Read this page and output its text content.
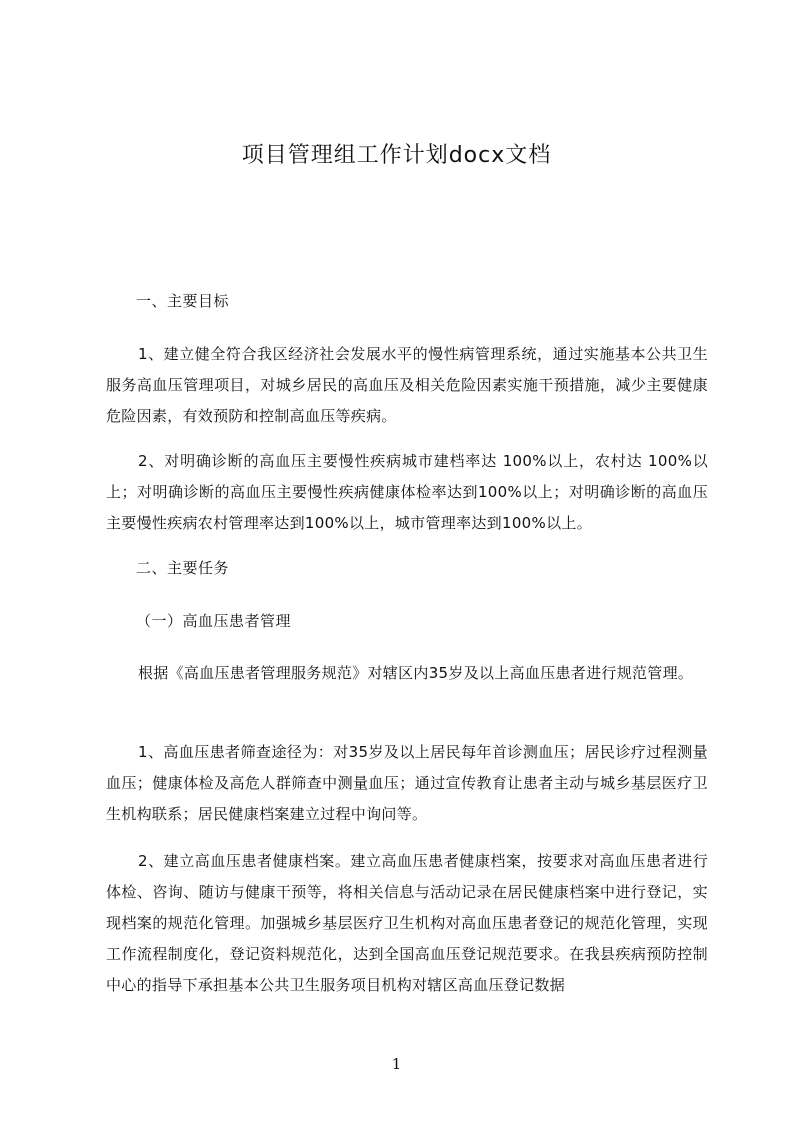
项目管理组工作计划docx文档
一、主要目标
1、建立健全符合我区经济社会发展水平的慢性病管理系统，通过实施基本公共卫生服务高血压管理项目，对城乡居民的高血压及相关危险因素实施干预措施，减少主要健康危险因素，有效预防和控制高血压等疾病。
2、对明确诊断的高血压主要慢性疾病城市建档率达 100%以上，农村达 100%以上；对明确诊断的高血压主要慢性疾病健康体检率达到100%以上；对明确诊断的高血压主要慢性疾病农村管理率达到100%以上，城市管理率达到100%以上。
二、主要任务
（一）高血压患者管理
根据《高血压患者管理服务规范》对辖区内35岁及以上高血压患者进行规范管理。
1、高血压患者筛查途径为：对35岁及以上居民每年首诊测血压；居民诊疗过程测量血压；健康体检及高危人群筛查中测量血压；通过宣传教育让患者主动与城乡基层医疗卫生机构联系；居民健康档案建立过程中询问等。
2、建立高血压患者健康档案。建立高血压患者健康档案，按要求对高血压患者进行体检、咨询、随访与健康干预等，将相关信息与活动记录在居民健康档案中进行登记，实现档案的规范化管理。加强城乡基层医疗卫生机构对高血压患者登记的规范化管理，实现工作流程制度化，登记资料规范化，达到全国高血压登记规范要求。在我县疾病预防控制中心的指导下承担基本公共卫生服务项目机构对辖区高血压登记数据
1
